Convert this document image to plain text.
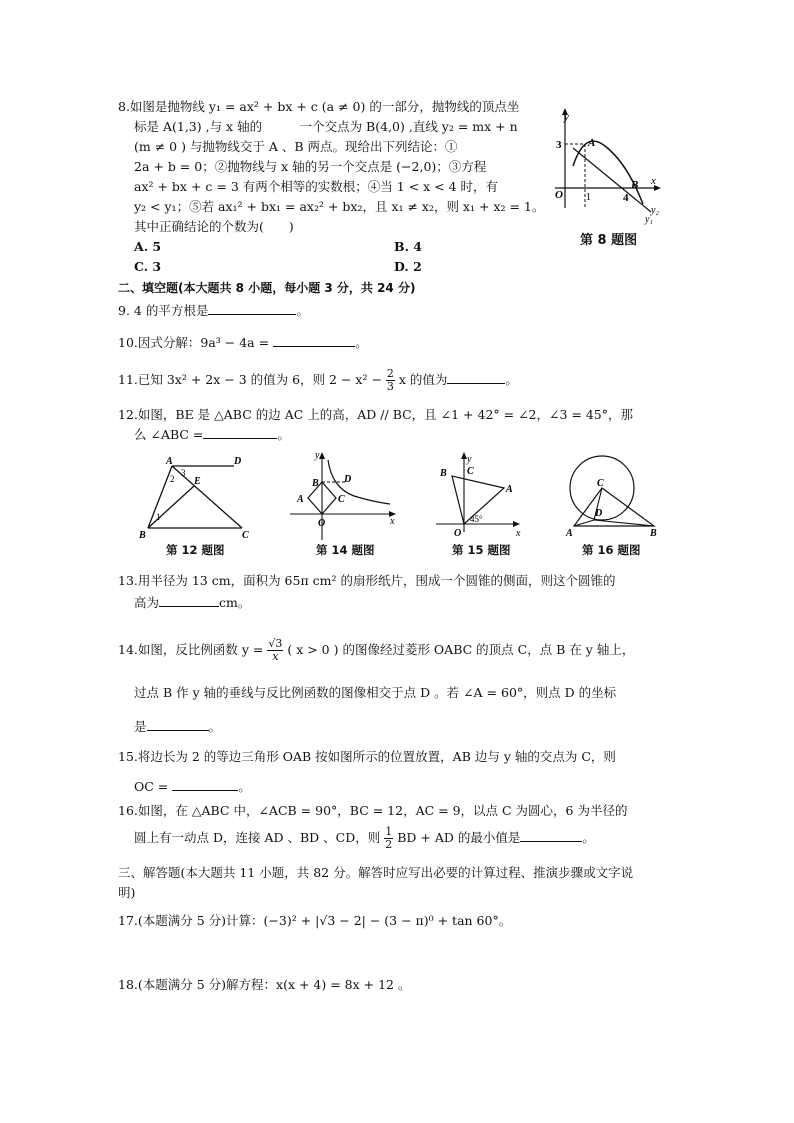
8.如图是抛物线 y₁ = ax² + bx + c (a ≠ 0) 的一部分，抛物线的顶点坐
标是 A(1,3) ,与 x 轴的　　　一个交点为 B(4,0) ,直线 y₂ = mx + n
(m ≠ 0 ) 与抛物线交于 A 、B 两点。现给出下列结论：①
2a + b = 0；②抛物线与 x 轴的另一个交点是 (−2,0)；③方程
ax² + bx + c = 3 有两个相等的实数根；④当 1 < x < 4 时，有
y₂ < y₁；⑤若 ax₁² + bx₁ = ax₂² + bx₂，且 x₁ ≠ x₂，则 x₁ + x₂ = 1。
其中正确结论的个数为(　　)
A. 5	B. 4
C. 3	D. 2
y
x
A
B
O
3
1	4
y₂
y₁
第 8 题图
二、填空题(本大题共 8 小题，每小题 3 分，共 24 分)
9. 4 的平方根是	。
10.因式分解：9a³ − 4a =	。
11.已知 3x² + 2x − 3 的值为 6，则 $2 - x^2 - \frac{2}{3}$ x 的值为	。
12.如图，BE 是 △ABC 的边 AC 上的高，AD // BC，且 ∠1 + 42° = ∠2，∠3 = 45°，那
么 ∠ABC =	。
A	D
B	C
E
1
2
3
第 12 题图
y
x
A
B
C
D
O
第 14 题图
y
x
B C
A
O
45°
第 15 题图
C
D
A	B
第 16 题图
13.用半径为 13 cm，面积为 65π cm² 的扇形纸片，围成一个圆锥的侧面，则这个圆锥的
高为	cm。
14.如图，反比例函数 $y = \frac{√3}{x}$ ( x > 0 ) 的图像经过菱形 OABC 的顶点 C，点 B 在 y 轴上，
过点 B 作 y 轴的垂线与反比例函数的图像相交于点 D 。若 ∠A = 60°，则点 D 的坐标
是	。
15.将边长为 2 的等边三角形 OAB 按如图所示的位置放置，AB 边与 y 轴的交点为 C，则
OC =	。
16.如图，在 △ABC 中，∠ACB = 90°，BC = 12，AC = 9，以点 C 为圆心，6 为半径的
圆上有一动点 D，连接 AD 、BD 、CD，则 $\frac{1}{2}$ BD + AD 的最小值是	。
三、解答题(本大题共 11 小题，共 82 分。解答时应写出必要的计算过程、推演步骤或文字说
明)
17.(本题满分 5 分)计算：(−3)² + |√3 − 2| − (3 − π)⁰ + tan 60°。
18.(本题满分 5 分)解方程：x(x + 4) = 8x + 12 。
